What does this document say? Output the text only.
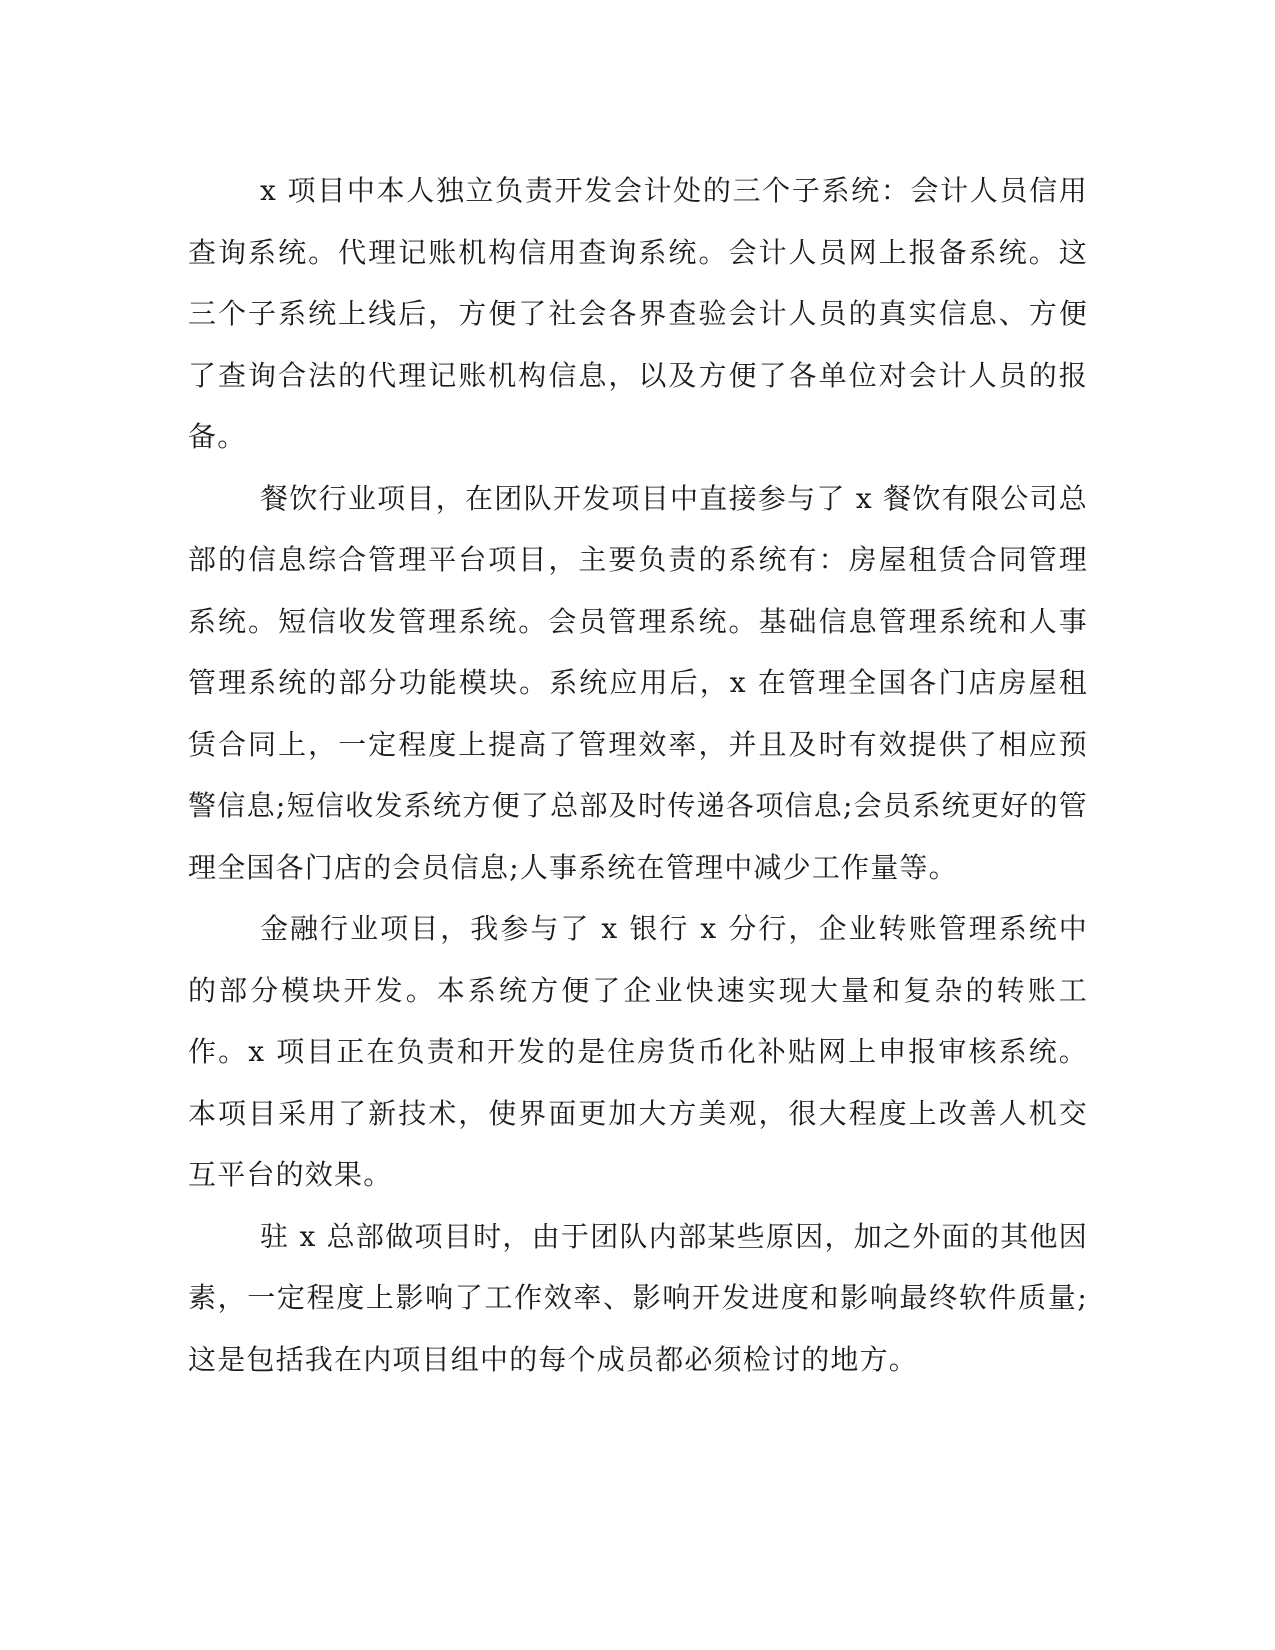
x 项目中本人独立负责开发会计处的三个子系统：会计人员信用查询系统。代理记账机构信用查询系统。会计人员网上报备系统。这三个子系统上线后，方便了社会各界查验会计人员的真实信息、方便了查询合法的代理记账机构信息，以及方便了各单位对会计人员的报备。

餐饮行业项目，在团队开发项目中直接参与了 x 餐饮有限公司总部的信息综合管理平台项目，主要负责的系统有：房屋租赁合同管理系统。短信收发管理系统。会员管理系统。基础信息管理系统和人事管理系统的部分功能模块。系统应用后，x 在管理全国各门店房屋租赁合同上，一定程度上提高了管理效率，并且及时有效提供了相应预警信息;短信收发系统方便了总部及时传递各项信息;会员系统更好的管理全国各门店的会员信息;人事系统在管理中减少工作量等。

金融行业项目，我参与了 x 银行 x 分行，企业转账管理系统中的部分模块开发。本系统方便了企业快速实现大量和复杂的转账工作。x 项目正在负责和开发的是住房货币化补贴网上申报审核系统。本项目采用了新技术，使界面更加大方美观，很大程度上改善人机交互平台的效果。

驻 x 总部做项目时，由于团队内部某些原因，加之外面的其他因素，一定程度上影响了工作效率、影响开发进度和影响最终软件质量;这是包括我在内项目组中的每个成员都必须检讨的地方。
